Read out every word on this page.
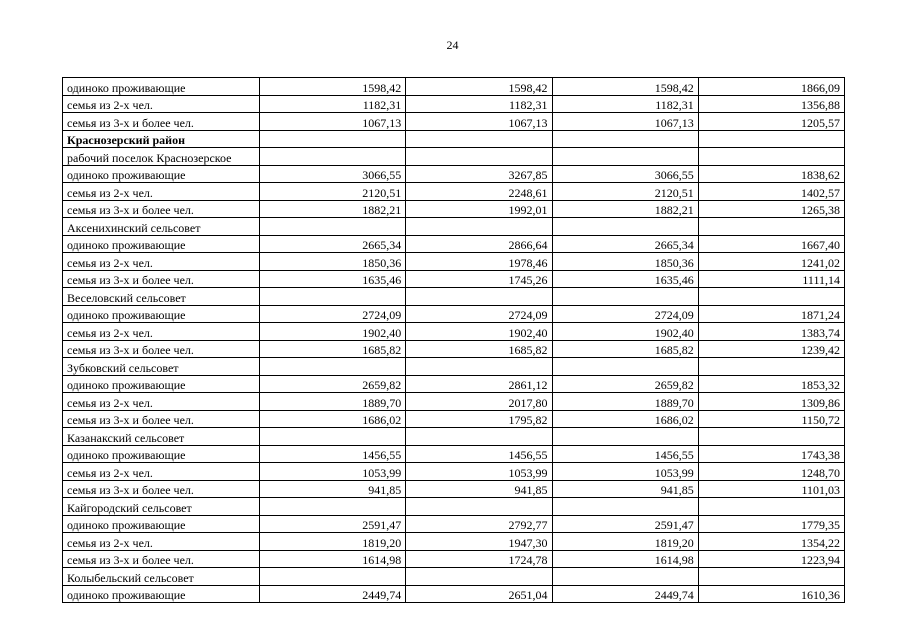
24
одиноко проживающие	1598,42	1598,42	1598,42	1866,09
семья из 2-х чел.	1182,31	1182,31	1182,31	1356,88
семья из 3-х и более чел.	1067,13	1067,13	1067,13	1205,57
Краснозерский район				
рабочий поселок Краснозерское				
одиноко проживающие	3066,55	3267,85	3066,55	1838,62
семья из 2-х чел.	2120,51	2248,61	2120,51	1402,57
семья из 3-х и более чел.	1882,21	1992,01	1882,21	1265,38
Аксенихинский сельсовет				
одиноко проживающие	2665,34	2866,64	2665,34	1667,40
семья из 2-х чел.	1850,36	1978,46	1850,36	1241,02
семья из 3-х и более чел.	1635,46	1745,26	1635,46	1111,14
Веселовский сельсовет				
одиноко проживающие	2724,09	2724,09	2724,09	1871,24
семья из 2-х чел.	1902,40	1902,40	1902,40	1383,74
семья из 3-х и более чел.	1685,82	1685,82	1685,82	1239,42
Зубковский сельсовет				
одиноко проживающие	2659,82	2861,12	2659,82	1853,32
семья из 2-х чел.	1889,70	2017,80	1889,70	1309,86
семья из 3-х и более чел.	1686,02	1795,82	1686,02	1150,72
Казанакский сельсовет				
одиноко проживающие	1456,55	1456,55	1456,55	1743,38
семья из 2-х чел.	1053,99	1053,99	1053,99	1248,70
семья из 3-х и более чел.	941,85	941,85	941,85	1101,03
Кайгородский сельсовет				
одиноко проживающие	2591,47	2792,77	2591,47	1779,35
семья из 2-х чел.	1819,20	1947,30	1819,20	1354,22
семья из 3-х и более чел.	1614,98	1724,78	1614,98	1223,94
Колыбельский сельсовет				
одиноко проживающие	2449,74	2651,04	2449,74	1610,36
